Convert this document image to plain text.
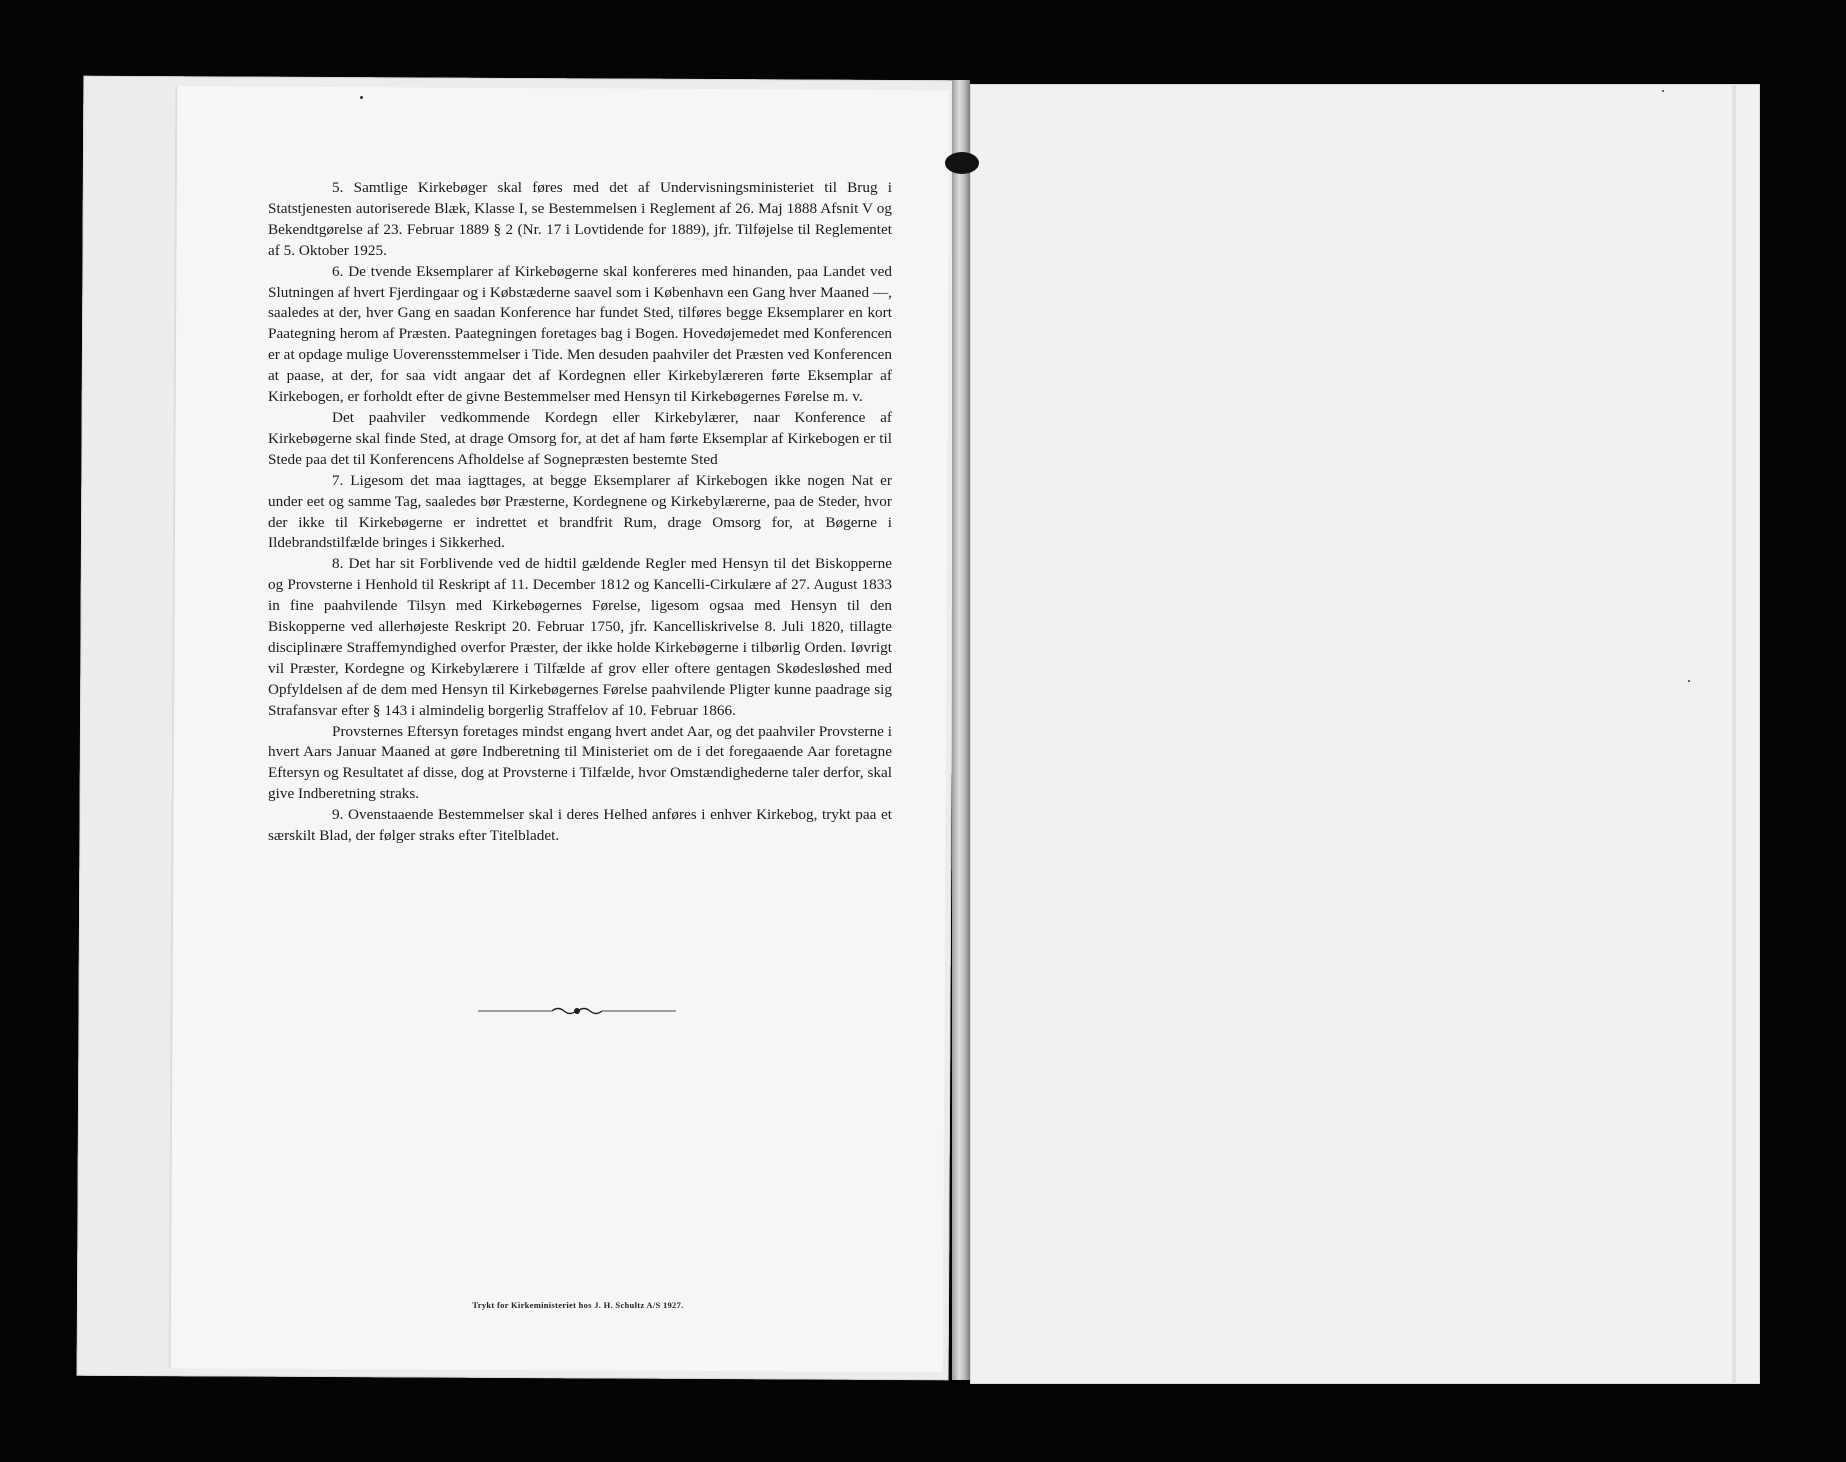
5. Samtlige Kirkebøger skal føres med det af Undervisningsministeriet til Brug i Statstjenesten autoriserede Blæk, Klasse I, se Bestemmelsen i Reglement af 26. Maj 1888 Afsnit V og Bekendtgørelse af 23. Februar 1889 § 2 (Nr. 17 i Lovtidende for 1889), jfr. Tilføjelse til Reglementet af 5. Oktober 1925.

6. De tvende Eksemplarer af Kirkebøgerne skal konfereres med hinanden, paa Landet ved Slutningen af hvert Fjerdingaar og i Købstæderne saavel som i København een Gang hver Maaned —, saaledes at der, hver Gang en saadan Konference har fundet Sted, tilføres begge Eksemplarer en kort Paategning herom af Præsten. Paategningen foretages bag i Bogen. Hovedøjemedet med Konferencen er at opdage mulige Uoverensstemmelser i Tide. Men desuden paahviler det Præsten ved Konferencen at paase, at der, for saa vidt angaar det af Kordegnen eller Kirkebylæreren førte Eksemplar af Kirkebogen, er forholdt efter de givne Bestemmelser med Hensyn til Kirkebøgernes Førelse m. v.

Det paahviler vedkommende Kordegn eller Kirkebylærer, naar Konference af Kirkebøgerne skal finde Sted, at drage Omsorg for, at det af ham førte Eksemplar af Kirkebogen er til Stede paa det til Konferencens Afholdelse af Sognepræsten bestemte Sted

7. Ligesom det maa iagttages, at begge Eksemplarer af Kirkebogen ikke nogen Nat er under eet og samme Tag, saaledes bør Præsterne, Kordegnene og Kirkebylærerne, paa de Steder, hvor der ikke til Kirkebøgerne er indrettet et brandfrit Rum, drage Omsorg for, at Bøgerne i Ildebrandstilfælde bringes i Sikkerhed.

8. Det har sit Forblivende ved de hidtil gældende Regler med Hensyn til det Biskopperne og Provsterne i Henhold til Reskript af 11. December 1812 og Kancelli-Cirkulære af 27. August 1833 in fine paahvilende Tilsyn med Kirkebøgernes Førelse, ligesom ogsaa med Hensyn til den Biskopperne ved allerhøjeste Reskript 20. Februar 1750, jfr. Kancelliskrivelse 8. Juli 1820, tillagte disciplinære Straffemyndighed overfor Præster, der ikke holde Kirkebøgerne i tilbørlig Orden. Iøvrigt vil Præster, Kordegne og Kirkebylærere i Tilfælde af grov eller oftere gentagen Skødesløshed med Opfyldelsen af de dem med Hensyn til Kirkebøgernes Førelse paahvilende Pligter kunne paadrage sig Strafansvar efter § 143 i almindelig borgerlig Straffelov af 10. Februar 1866.

Provsternes Eftersyn foretages mindst engang hvert andet Aar, og det paahviler Provsterne i hvert Aars Januar Maaned at gøre Indberetning til Ministeriet om de i det foregaaende Aar foretagne Eftersyn og Resultatet af disse, dog at Provsterne i Tilfælde, hvor Omstændighederne taler derfor, skal give Indberetning straks.

9. Ovenstaaende Bestemmelser skal i deres Helhed anføres i enhver Kirkebog, trykt paa et særskilt Blad, der følger straks efter Titelbladet.

Trykt for Kirkeministeriet hos J. H. Schultz A/S 1927.
